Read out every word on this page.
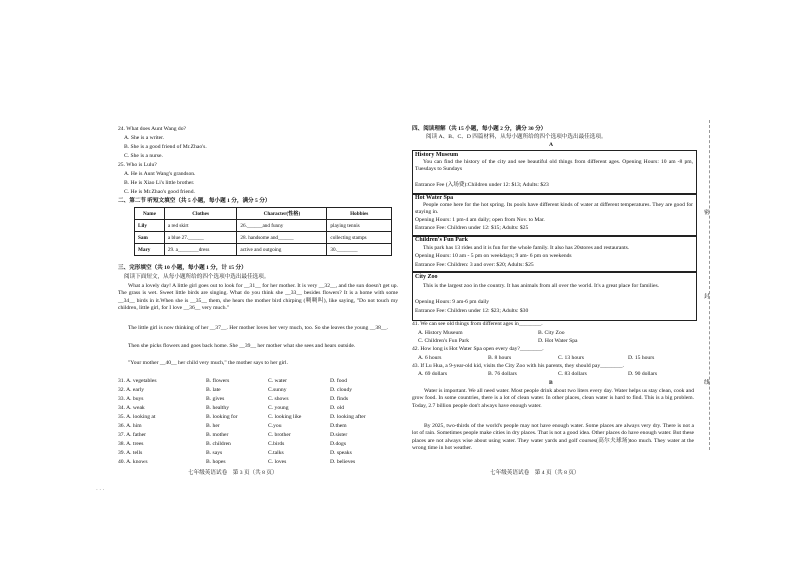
24. What does Aunt Wang do?
A. She is a writer.
B. She is a good friend of Mr.Zhao's.
C. She is a nurse.
25. Who is Lulu?
A. He is Aunt Wang's grandson.
B. He is Xiao Li's little brother.
C. He is Mr.Zhao's good friend.
二、第二节 听短文填空（共 5 小题，每小题 1 分，满分 5 分）
Name	Clothes	Character(性格)	Hobbies
Lily	a red skirt	26.______and funny	playing tennis
Sam	a blue 27.______	28. handsome and______	collecting stamps
Mary	29. a________dress	active and outgoing	30.________
三、完形填空（共 10 小题，每小题 1 分，计 15 分）
阅读下面短文，从每小题所给的四个选项中选出最佳选项。
What a lovely day! A little girl goes out to look for __31__ for her mother. It is very __32__, and the sun doesn't get up. The grass is wet. Sweet little birds are singing. What do you think she __33__ besides flowers? It is a home with some __34__ birds in it.When she is __35__ them, she hears the mother bird chirping (啁啁叫), like saying, "Do not touch my children, little girl, for I love __36__ very much."
The little girl is now thinking of her __37__. Her mother loves her very much, too. So she leaves the young __38__.
Then she picks flowers and goes back home. She __39__ her mother what she sees and hears outside.
"Your mother __40__ her child very much," the mother says to her girl.
31. A. vegetables	B. flowers	C. water	D. food
32. A. early	B. late	C.sunny	D. cloudy
33. A. buys	B. gives	C. shows	D. finds
34. A. weak	B. healthy	C. young	D. old
35. A. looking at	B. looking for	C. looking like	D. looking after
36. A. him	B. her	C.you	D.them
37. A. father	B. mother	C. brother	D.sister
38. A. trees	B. children	C.birds	D.dogs
39. A. tells	B. says	C.talks	D. speaks
40. A. knows	B. hopes	C. loves	D. believes
七年级英语试卷　第 3 页（共 8 页）
· · ·
四、阅读理解（共 15 小题，每小题 2 分，满分 30 分）
阅读 A、B、C、D 四篇材料，从每小题所给的四个选项中选出最佳选项。
A
History Museum
You can find the history of the city and see beautiful old things from different ages. Opening Hours: 10 am -8 pm, Tuesdays to Sundays
Entrance Fee (入场费):Children under 12: $13; Adults: $23
Hot Water Spa
People come here for the hot spring. Its pools have different kinds of water at different temperatures. They are good for staying in.
Opening Hours: 1 pm-4 am daily; open from Nov. to Mar.
Entrance Fee: Children under 12: $15; Adults: $25
Children's Fun Park
This park has 13 rides and it is fun for the whole family. It also has 20stores and restaurants.
Opening Hours: 10 am - 5 pm on weekdays; 9 am- 6 pm on weekends
Entrance Fee: Children: 3 and over: $20; Adults: $25
City Zoo
This is the largest zoo in the country. It has animals from all over the world. It's a great place for families.
Opening Hours: 9 am-6 pm daily
Entrance Fee: Children under 12: $23; Adults: $30
41. We can see old things from different ages in________.
A. History Museum	B. City Zoo
C. Children's Fun Park	D. Hot Water Spa
42. How long is Hot Water Spa open every day?________.
A. 6 hours	B. 8 hours	C. 13 hours	D. 15 hours
43. If Lu Hua, a 9-year-old kid, visits the City Zoo with his parents, they should pay________.
A. 69 dollars	B. 76 dollars	C. 83 dollars	D. 90 dollars
B
Water is important. We all need water. Most people drink about two liters every day. Water helps us stay clean, cook and grow food. In some countries, there is a lot of clean water. In other places, clean water is hard to find. This is a big problem. Today, 2.7 billion people don't always have enough water.
By 2025, two-thirds of the world's people may not have enough water. Some places are always very dry. There is not a lot of rain. Sometimes people make cities in dry places. That is not a good idea. Other places do have enough water. But these places are not always wise about using water. They water yards and golf courses(高尔夫球场)too much. They water at the wrong time in hot weather.
七年级英语试卷　第 4 页（共 8 页）
密
封
线
